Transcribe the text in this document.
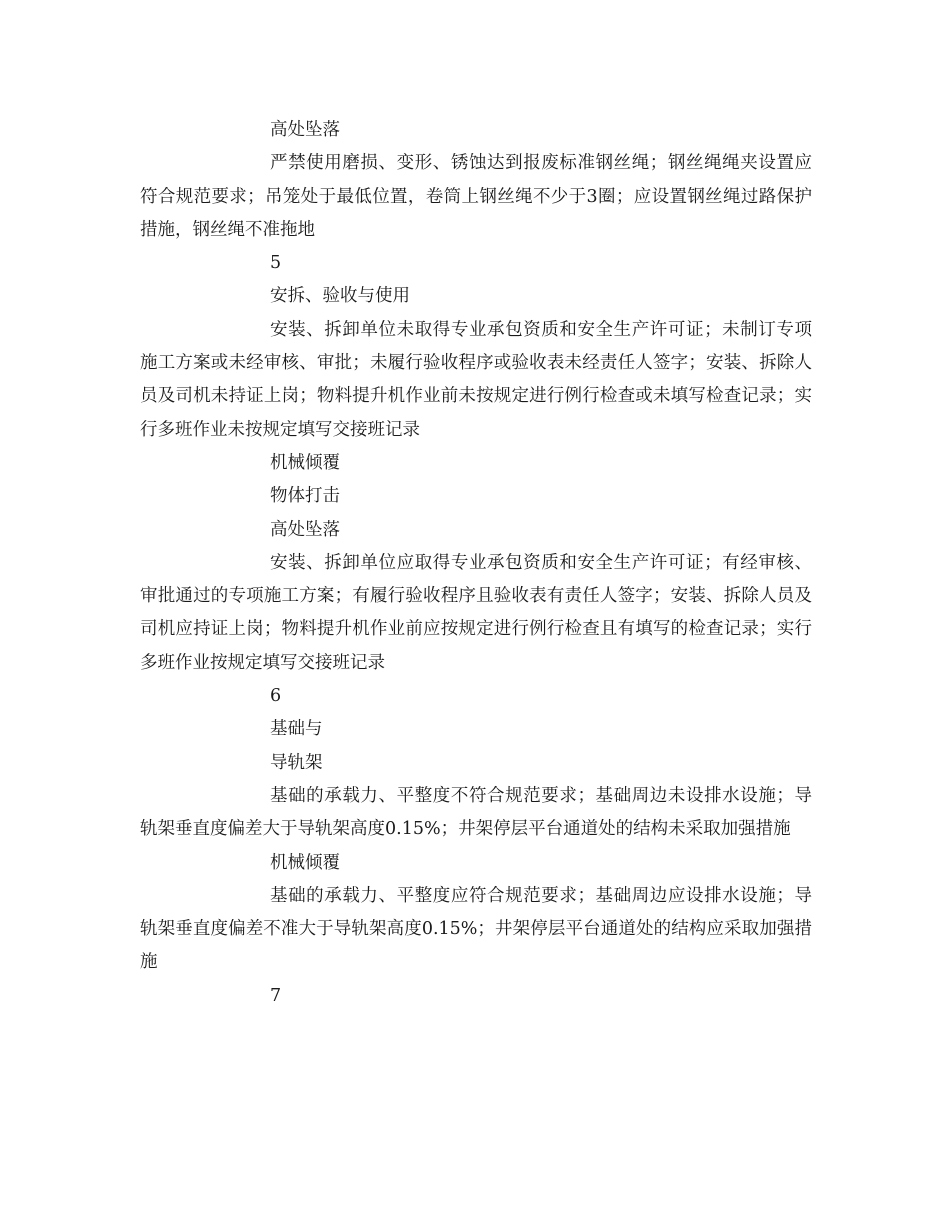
高处坠落

严禁使用磨损、变形、锈蚀达到报废标准钢丝绳；钢丝绳绳夹设置应符合规范要求；吊笼处于最低位置，卷筒上钢丝绳不少于3圈；应设置钢丝绳过路保护措施，钢丝绳不准拖地

5

安拆、验收与使用

安装、拆卸单位未取得专业承包资质和安全生产许可证；未制订专项施工方案或未经审核、审批；未履行验收程序或验收表未经责任人签字；安装、拆除人员及司机未持证上岗；物料提升机作业前未按规定进行例行检查或未填写检查记录；实行多班作业未按规定填写交接班记录

机械倾覆

物体打击

高处坠落

安装、拆卸单位应取得专业承包资质和安全生产许可证；有经审核、审批通过的专项施工方案；有履行验收程序且验收表有责任人签字；安装、拆除人员及司机应持证上岗；物料提升机作业前应按规定进行例行检查且有填写的检查记录；实行多班作业按规定填写交接班记录

6

基础与

导轨架

基础的承载力、平整度不符合规范要求；基础周边未设排水设施；导轨架垂直度偏差大于导轨架高度0.15%；井架停层平台通道处的结构未采取加强措施

机械倾覆

基础的承载力、平整度应符合规范要求；基础周边应设排水设施；导轨架垂直度偏差不准大于导轨架高度0.15%；井架停层平台通道处的结构应采取加强措施

7
